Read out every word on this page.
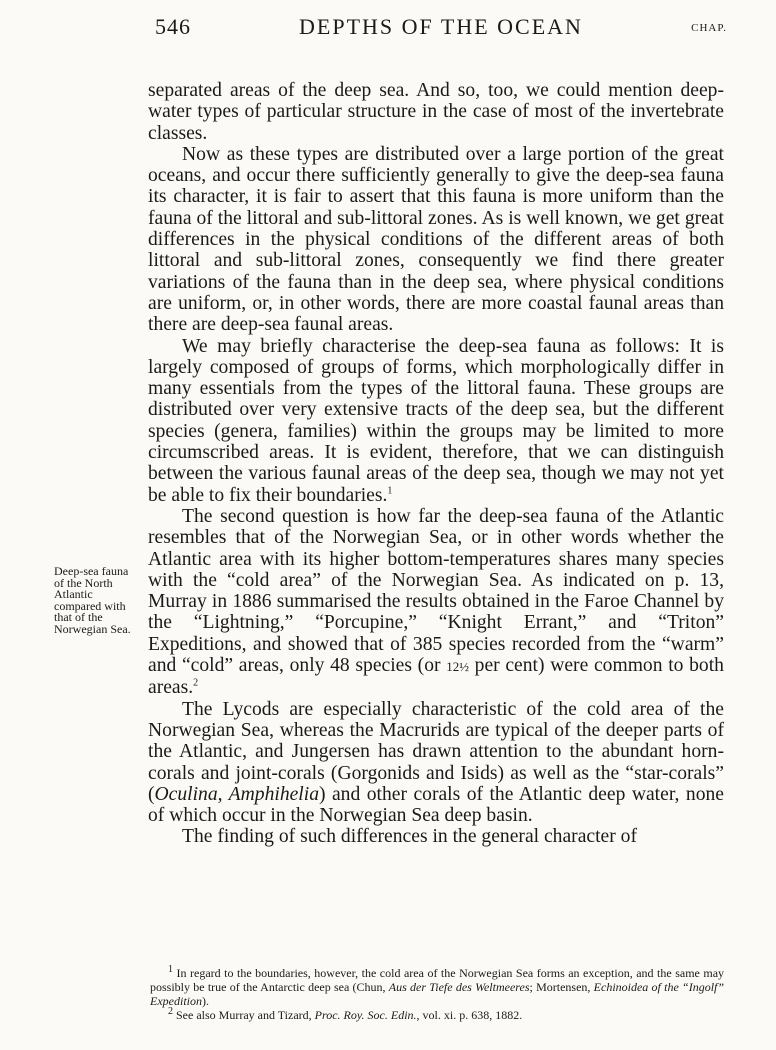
546	DEPTHS OF THE OCEAN	CHAP.
Deep-sea fauna of the North Atlantic compared with that of the Norwegian Sea.

separated areas of the deep sea. And so, too, we could mention deep-water types of particular structure in the case of most of the invertebrate classes.

Now as these types are distributed over a large portion of the great oceans, and occur there sufficiently generally to give the deep-sea fauna its character, it is fair to assert that this fauna is more uniform than the fauna of the littoral and sub-littoral zones. As is well known, we get great differences in the physical conditions of the different areas of both littoral and sub-littoral zones, consequently we find there greater variations of the fauna than in the deep sea, where physical conditions are uniform, or, in other words, there are more coastal faunal areas than there are deep-sea faunal areas.

We may briefly characterise the deep-sea fauna as follows: It is largely composed of groups of forms, which morphologically differ in many essentials from the types of the littoral fauna. These groups are distributed over very extensive tracts of the deep sea, but the different species (genera, families) within the groups may be limited to more circumscribed areas. It is evident, therefore, that we can distinguish between the various faunal areas of the deep sea, though we may not yet be able to fix their boundaries.$^1$

The second question is how far the deep-sea fauna of the Atlantic resembles that of the Norwegian Sea, or in other words whether the Atlantic area with its higher bottom-temperatures shares many species with the “cold area” of the Norwegian Sea. As indicated on p. 13, Murray in 1886 summarised the results obtained in the Faroe Channel by the “Lightning,” “Porcupine,” “Knight Errant,” and “Triton” Expeditions, and showed that of 385 species recorded from the “warm” and “cold” areas, only 48 species (or 12½ per cent) were common to both areas.$^2$

The Lycods are especially characteristic of the cold area of the Norwegian Sea, whereas the Macrurids are typical of the deeper parts of the Atlantic, and Jungersen has drawn attention to the abundant horn-corals and joint-corals (Gorgonids and Isids) as well as the “star-corals” (Oculina, Amphihelia) and other corals of the Atlantic deep water, none of which occur in the Norwegian Sea deep basin.

The finding of such differences in the general character of

$^1$ In regard to the boundaries, however, the cold area of the Norwegian Sea forms an exception, and the same may possibly be true of the Antarctic deep sea (Chun, Aus der Tiefe des Weltmeeres; Mortensen, Echinoidea of the “Ingolf” Expedition).

$^2$ See also Murray and Tizard, Proc. Roy. Soc. Edin., vol. xi. p. 638, 1882.
